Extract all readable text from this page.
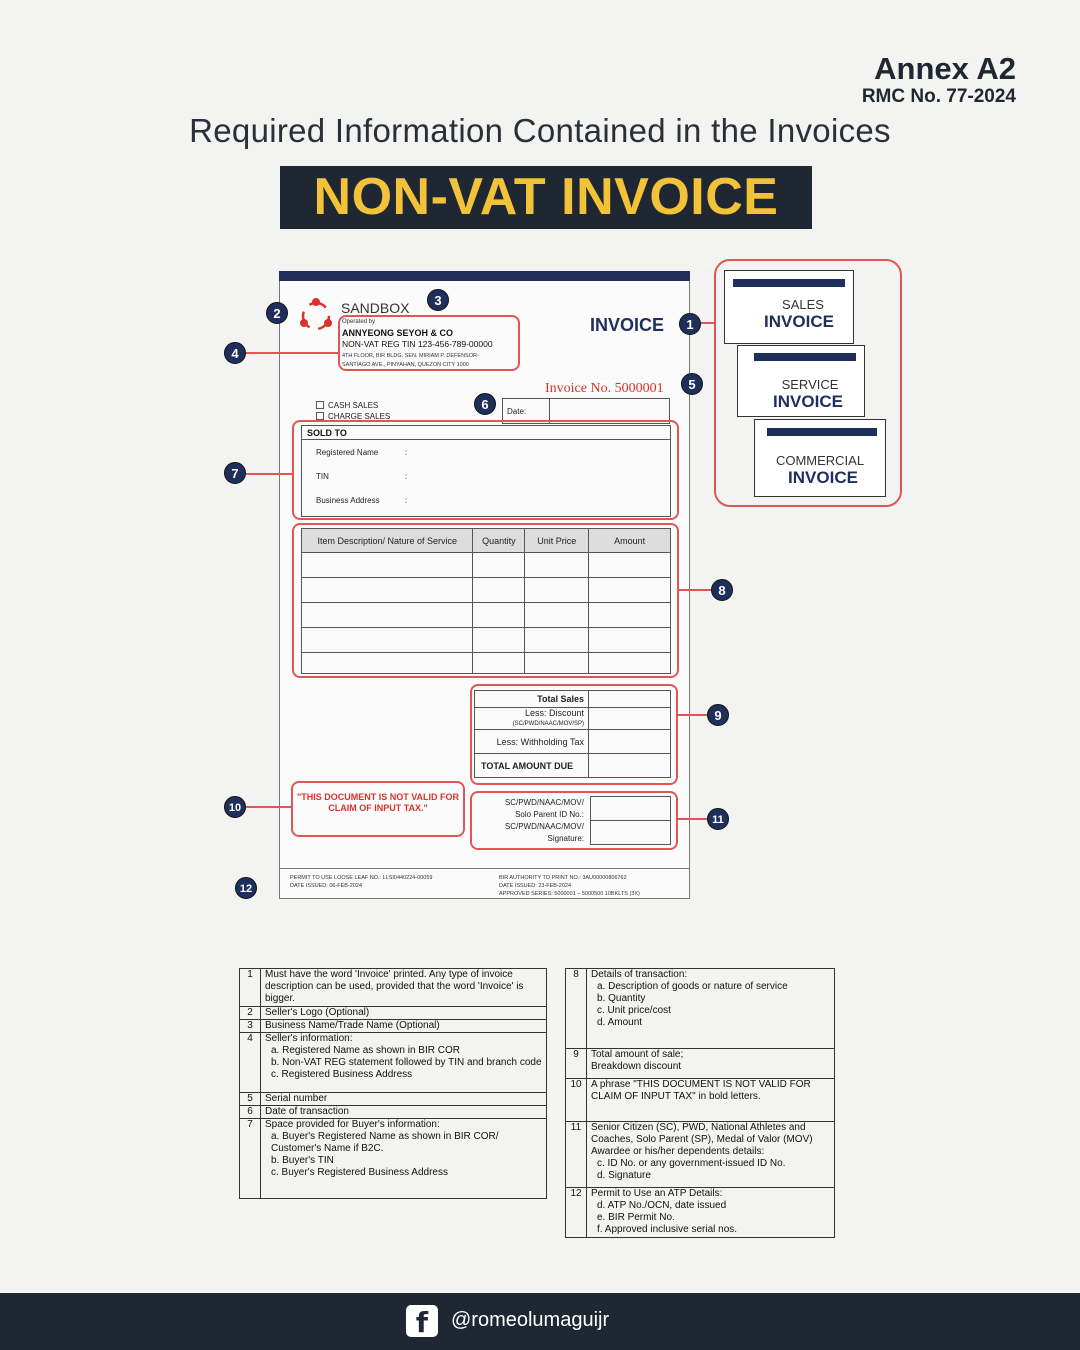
Annex A2
RMC No. 77-2024
Required Information Contained in the Invoices
NON-VAT INVOICE
SANDBOX
Operated by
ANNYEONG SEYOH & CO
NON-VAT REG TIN 123-456-789-00000
4TH FLOOR, BIR BLDG. SEN. MIRIAM P. DEFENSOR-
SANTIAGO AVE., PINYAHAN, QUEZON CITY 1000
INVOICE
Invoice No. 5000001
CASH SALES
CHARGE SALES
Date:
SOLD TO
Registered Name	:
TIN	:
Business Address	:
Item Description/ Nature of Service	Quantity	Unit Price	Amount

Total Sales	
Less: Discount
(SC/PWD/NAAC/MOV/SP)	
Less: Withholding Tax	
TOTAL AMOUNT DUE	
"THIS DOCUMENT IS NOT VALID FOR CLAIM OF INPUT TAX."
SC/PWD/NAAC/MOV/
Solo Parent ID No.:
SC/PWD/NAAC/MOV/
Signature:
PERMIT TO USE LOOSE LEAF NO.: LLSI0440224-00059
DATE ISSUED: 06-FEB-2024
BIR AUTHORITY TO PRINT NO.: 3AU00000806762
DATE ISSUED: 23-FEB-2024
APPROVED SERIES: 5000001 – 5000500 10BKLTS (3X)
1
2
3
4
5
6
7
8
9
10
11
12
SALES
INVOICE
SERVICE
INVOICE
COMMERCIAL
INVOICE
1	Must have the word 'Invoice' printed. Any type of invoice description can be used, provided that the word 'Invoice' is bigger.

2	Seller's Logo (Optional)

3	Business Name/Trade Name (Optional)

4	Seller's information:
a. Registered Name as shown in BIR COR
b. Non-VAT REG statement followed by TIN and branch code
c. Registered Business Address

5	Serial number

6	Date of transaction

7	Space provided for Buyer's information:
a. Buyer's Registered Name as shown in BIR COR/ Customer's Name if B2C.
b. Buyer's TIN
c. Buyer's Registered Business Address
8	Details of transaction:
a. Description of goods or nature of service
b. Quantity
c. Unit price/cost
d. Amount

9	Total amount of sale;
Breakdown discount

10	A phrase "THIS DOCUMENT IS NOT VALID FOR CLAIM OF INPUT TAX" in bold letters.

11	Senior Citizen (SC), PWD, National Athletes and Coaches, Solo Parent (SP), Medal of Valor (MOV) Awardee or his/her dependents details:
c. ID No. or any government-issued ID No.
d. Signature

12	Permit to Use an ATP Details:
d. ATP No./OCN, date issued
e. BIR Permit No.
f. Approved inclusive serial nos.
f	@romeolumaguijr
